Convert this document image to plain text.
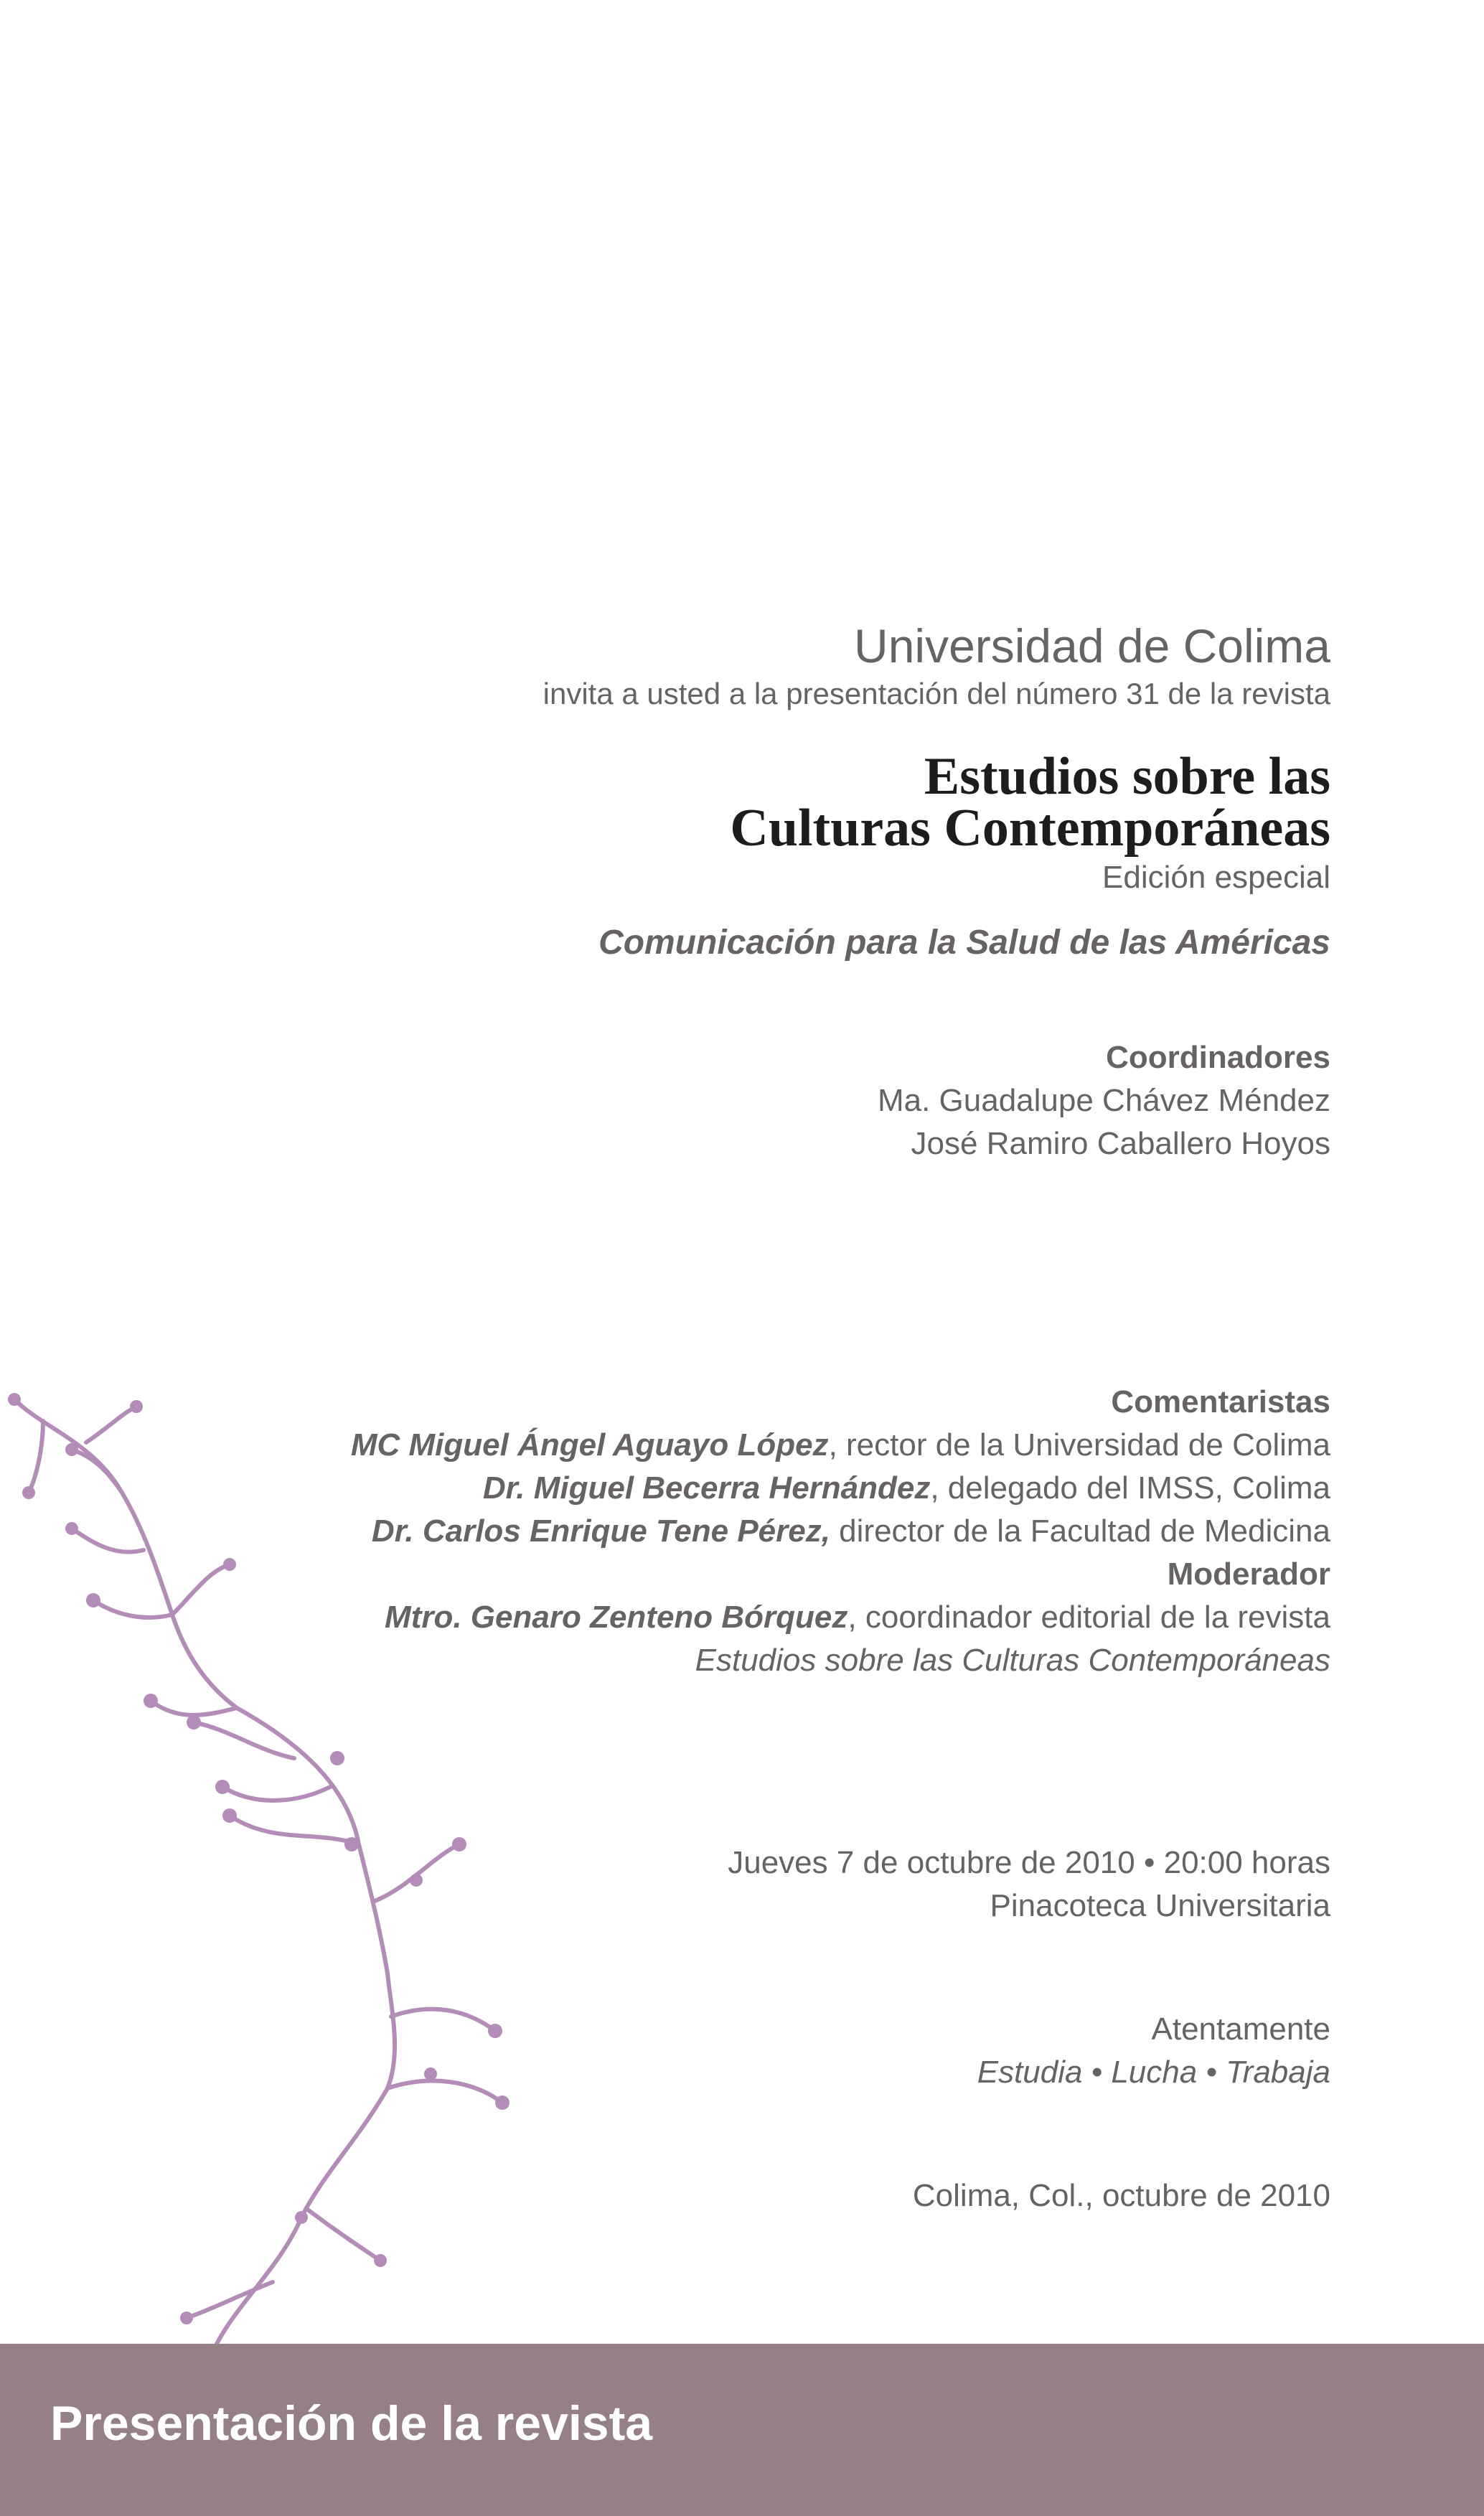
Universidad de Colima
invita a usted a la presentación del número 31 de la revista
Estudios sobre las
Culturas Contemporáneas
Edición especial
Comunicación para la Salud de las Américas
Coordinadores
Ma. Guadalupe Chávez Méndez
José Ramiro Caballero Hoyos
Comentaristas
MC Miguel Ángel Aguayo López, rector de la Universidad de Colima
Dr. Miguel Becerra Hernández, delegado del IMSS, Colima
Dr. Carlos Enrique Tene Pérez, director de la Facultad de Medicina
Moderador
Mtro. Genaro Zenteno Bórquez, coordinador editorial de la revista
Estudios sobre las Culturas Contemporáneas
Jueves 7 de octubre de 2010 • 20:00 horas
Pinacoteca Universitaria
Atentamente
Estudia • Lucha • Trabaja
Colima, Col., octubre de 2010
Presentación de la revista
